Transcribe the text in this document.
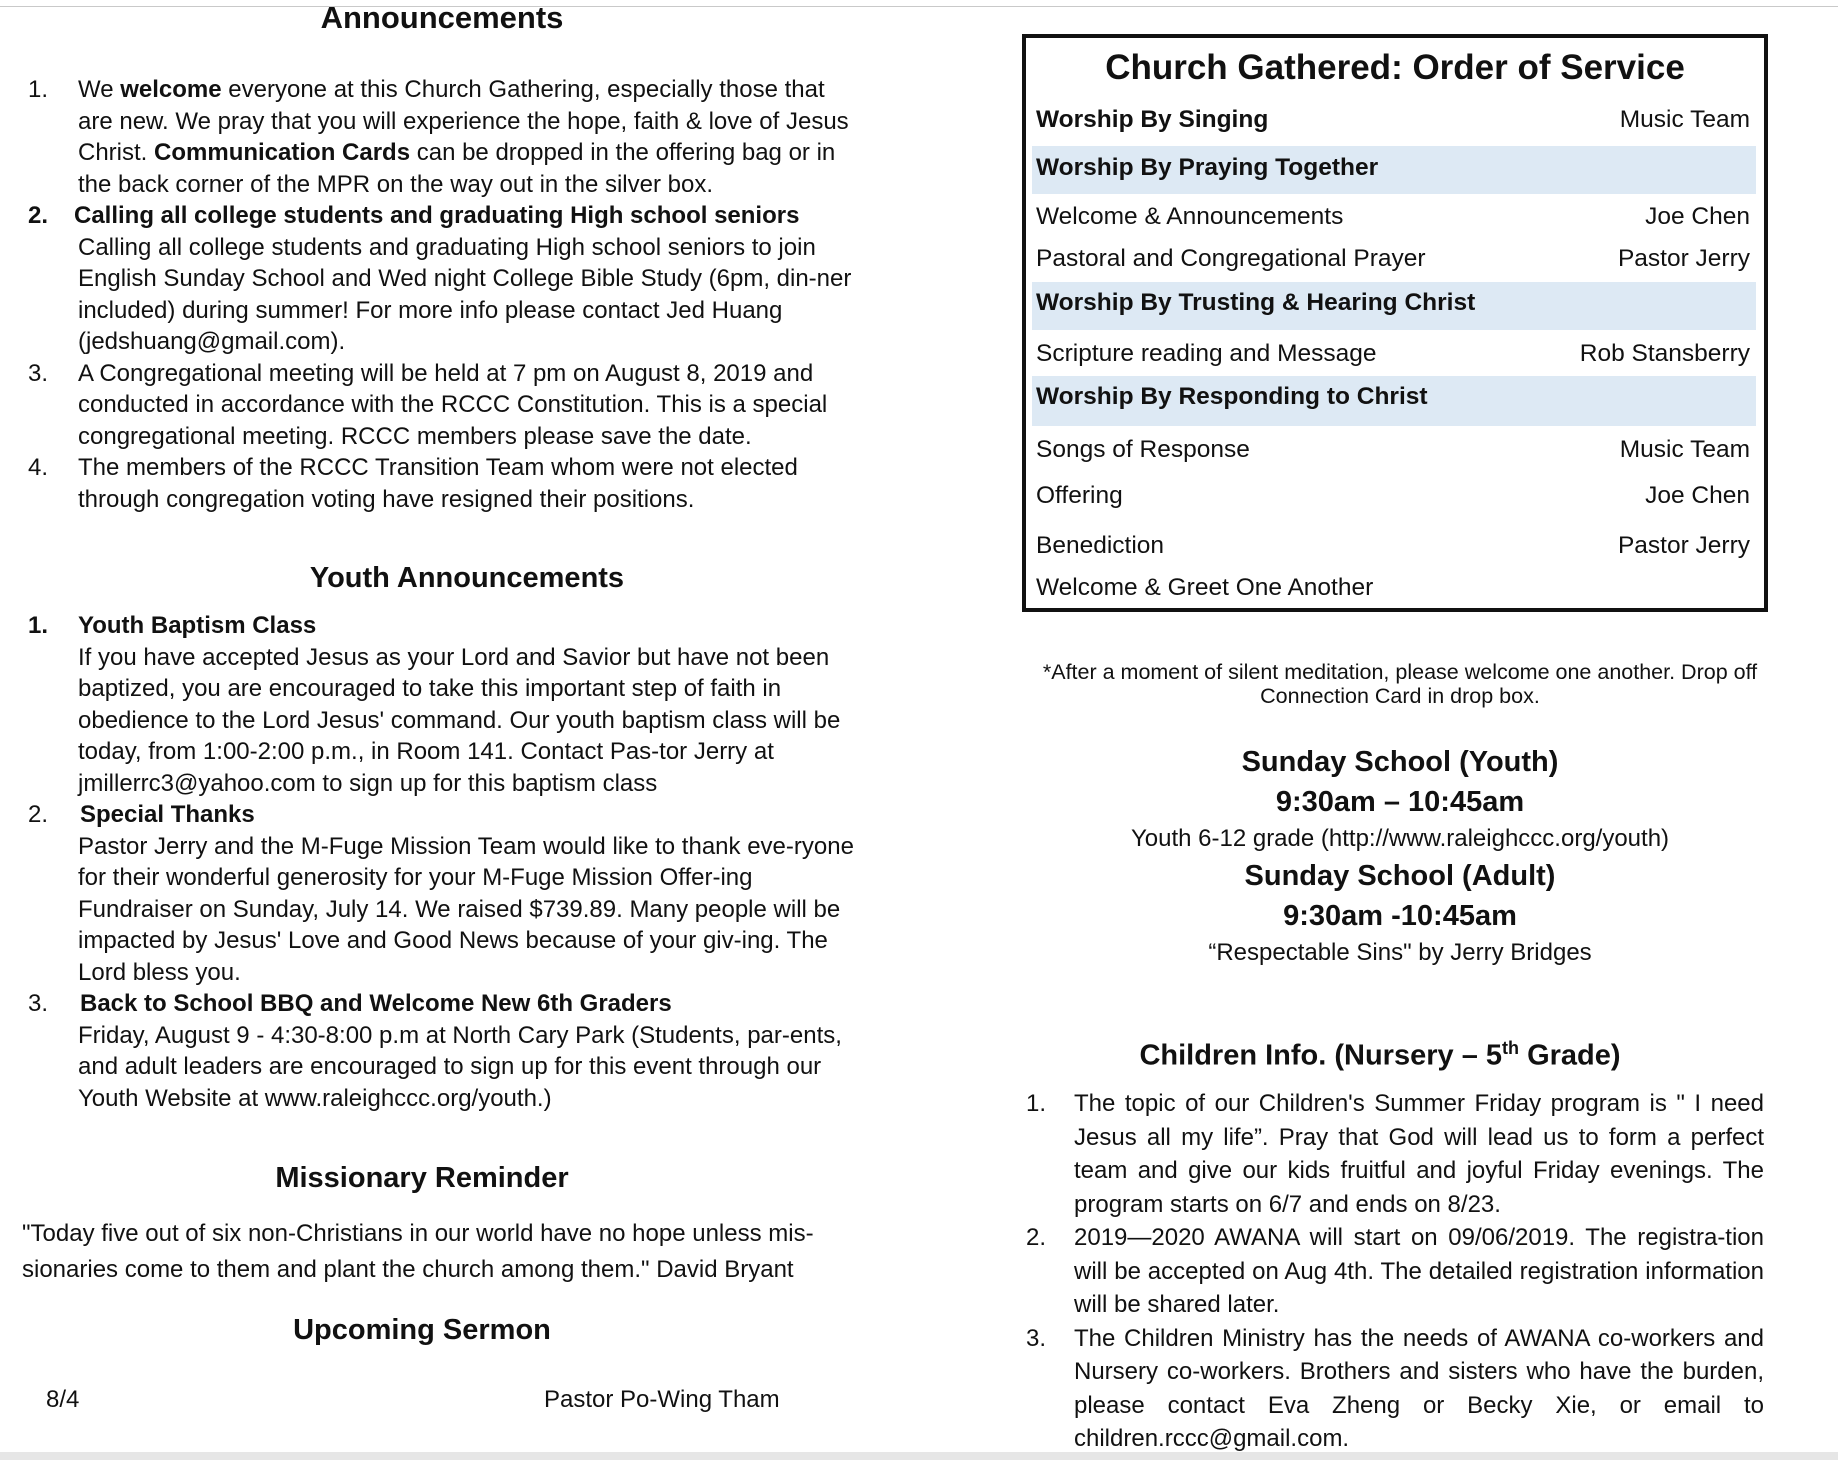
Announcements
1. We welcome everyone at this Church Gathering, especially those that are new. We pray that you will experience the hope, faith & love of Jesus Christ. Communication Cards can be dropped in the offering bag or in the back corner of the MPR on the way out in the silver box.
2. Calling all college students and graduating High school seniors
Calling all college students and graduating High school seniors to join English Sunday School and Wed night College Bible Study (6pm, din-ner included) during summer! For more info please contact Jed Huang (jedshuang@gmail.com).
3. A Congregational meeting will be held at 7 pm on August 8, 2019 and conducted in accordance with the RCCC Constitution. This is a special congregational meeting. RCCC members please save the date.
4. The members of the RCCC Transition Team whom were not elected through congregation voting have resigned their positions.
Youth Announcements
1. Youth Baptism Class
If you have accepted Jesus as your Lord and Savior but have not been baptized, you are encouraged to take this important step of faith in obedience to the Lord Jesus' command. Our youth baptism class will be today, from 1:00-2:00 p.m., in Room 141. Contact Pas-tor Jerry at jmillerrc3@yahoo.com to sign up for this baptism class
2. Special Thanks
Pastor Jerry and the M-Fuge Mission Team would like to thank eve-ryone for their wonderful generosity for your M-Fuge Mission Offer-ing Fundraiser on Sunday, July 14. We raised $739.89. Many people will be impacted by Jesus' Love and Good News because of your giv-ing. The Lord bless you.
3. Back to School BBQ and Welcome New 6th Graders
Friday, August 9 - 4:30-8:00 p.m at North Cary Park (Students, par-ents, and adult leaders are encouraged to sign up for this event through our Youth Website at www.raleighccc.org/youth.)
Missionary Reminder
"Today five out of six non-Christians in our world have no hope unless mis-sionaries come to them and plant the church among them." David Bryant
Upcoming Sermon
8/4	Pastor Po-Wing Tham
Church Gathered: Order of Service
Worship By Singing	Music Team
Worship By Praying Together
Welcome & Announcements	Joe Chen
Pastoral and Congregational Prayer	Pastor Jerry
Worship By Trusting & Hearing Christ
Scripture reading and Message	Rob Stansberry
Worship By Responding to Christ
Songs of Response	Music Team
Offering	Joe Chen
Benediction	Pastor Jerry
Welcome & Greet One Another
*After a moment of silent meditation, please welcome one another. Drop off Connection Card in drop box.
Sunday School (Youth)
9:30am – 10:45am
Youth 6-12 grade (http://www.raleighccc.org/youth)
Sunday School (Adult)
9:30am -10:45am
“Respectable Sins" by Jerry Bridges
Children Info. (Nursery – 5th Grade)
1. The topic of our Children's Summer Friday program is " I need Jesus all my life”. Pray that God will lead us to form a perfect team and give our kids fruitful and joyful Friday evenings. The program starts on 6/7 and ends on 8/23.
2. 2019—2020 AWANA will start on 09/06/2019. The registra-tion will be accepted on Aug 4th. The detailed registration information will be shared later.
3. The Children Ministry has the needs of AWANA co-workers and Nursery co-workers. Brothers and sisters who have the burden, please contact Eva Zheng or Becky Xie, or email to children.rccc@gmail.com.
